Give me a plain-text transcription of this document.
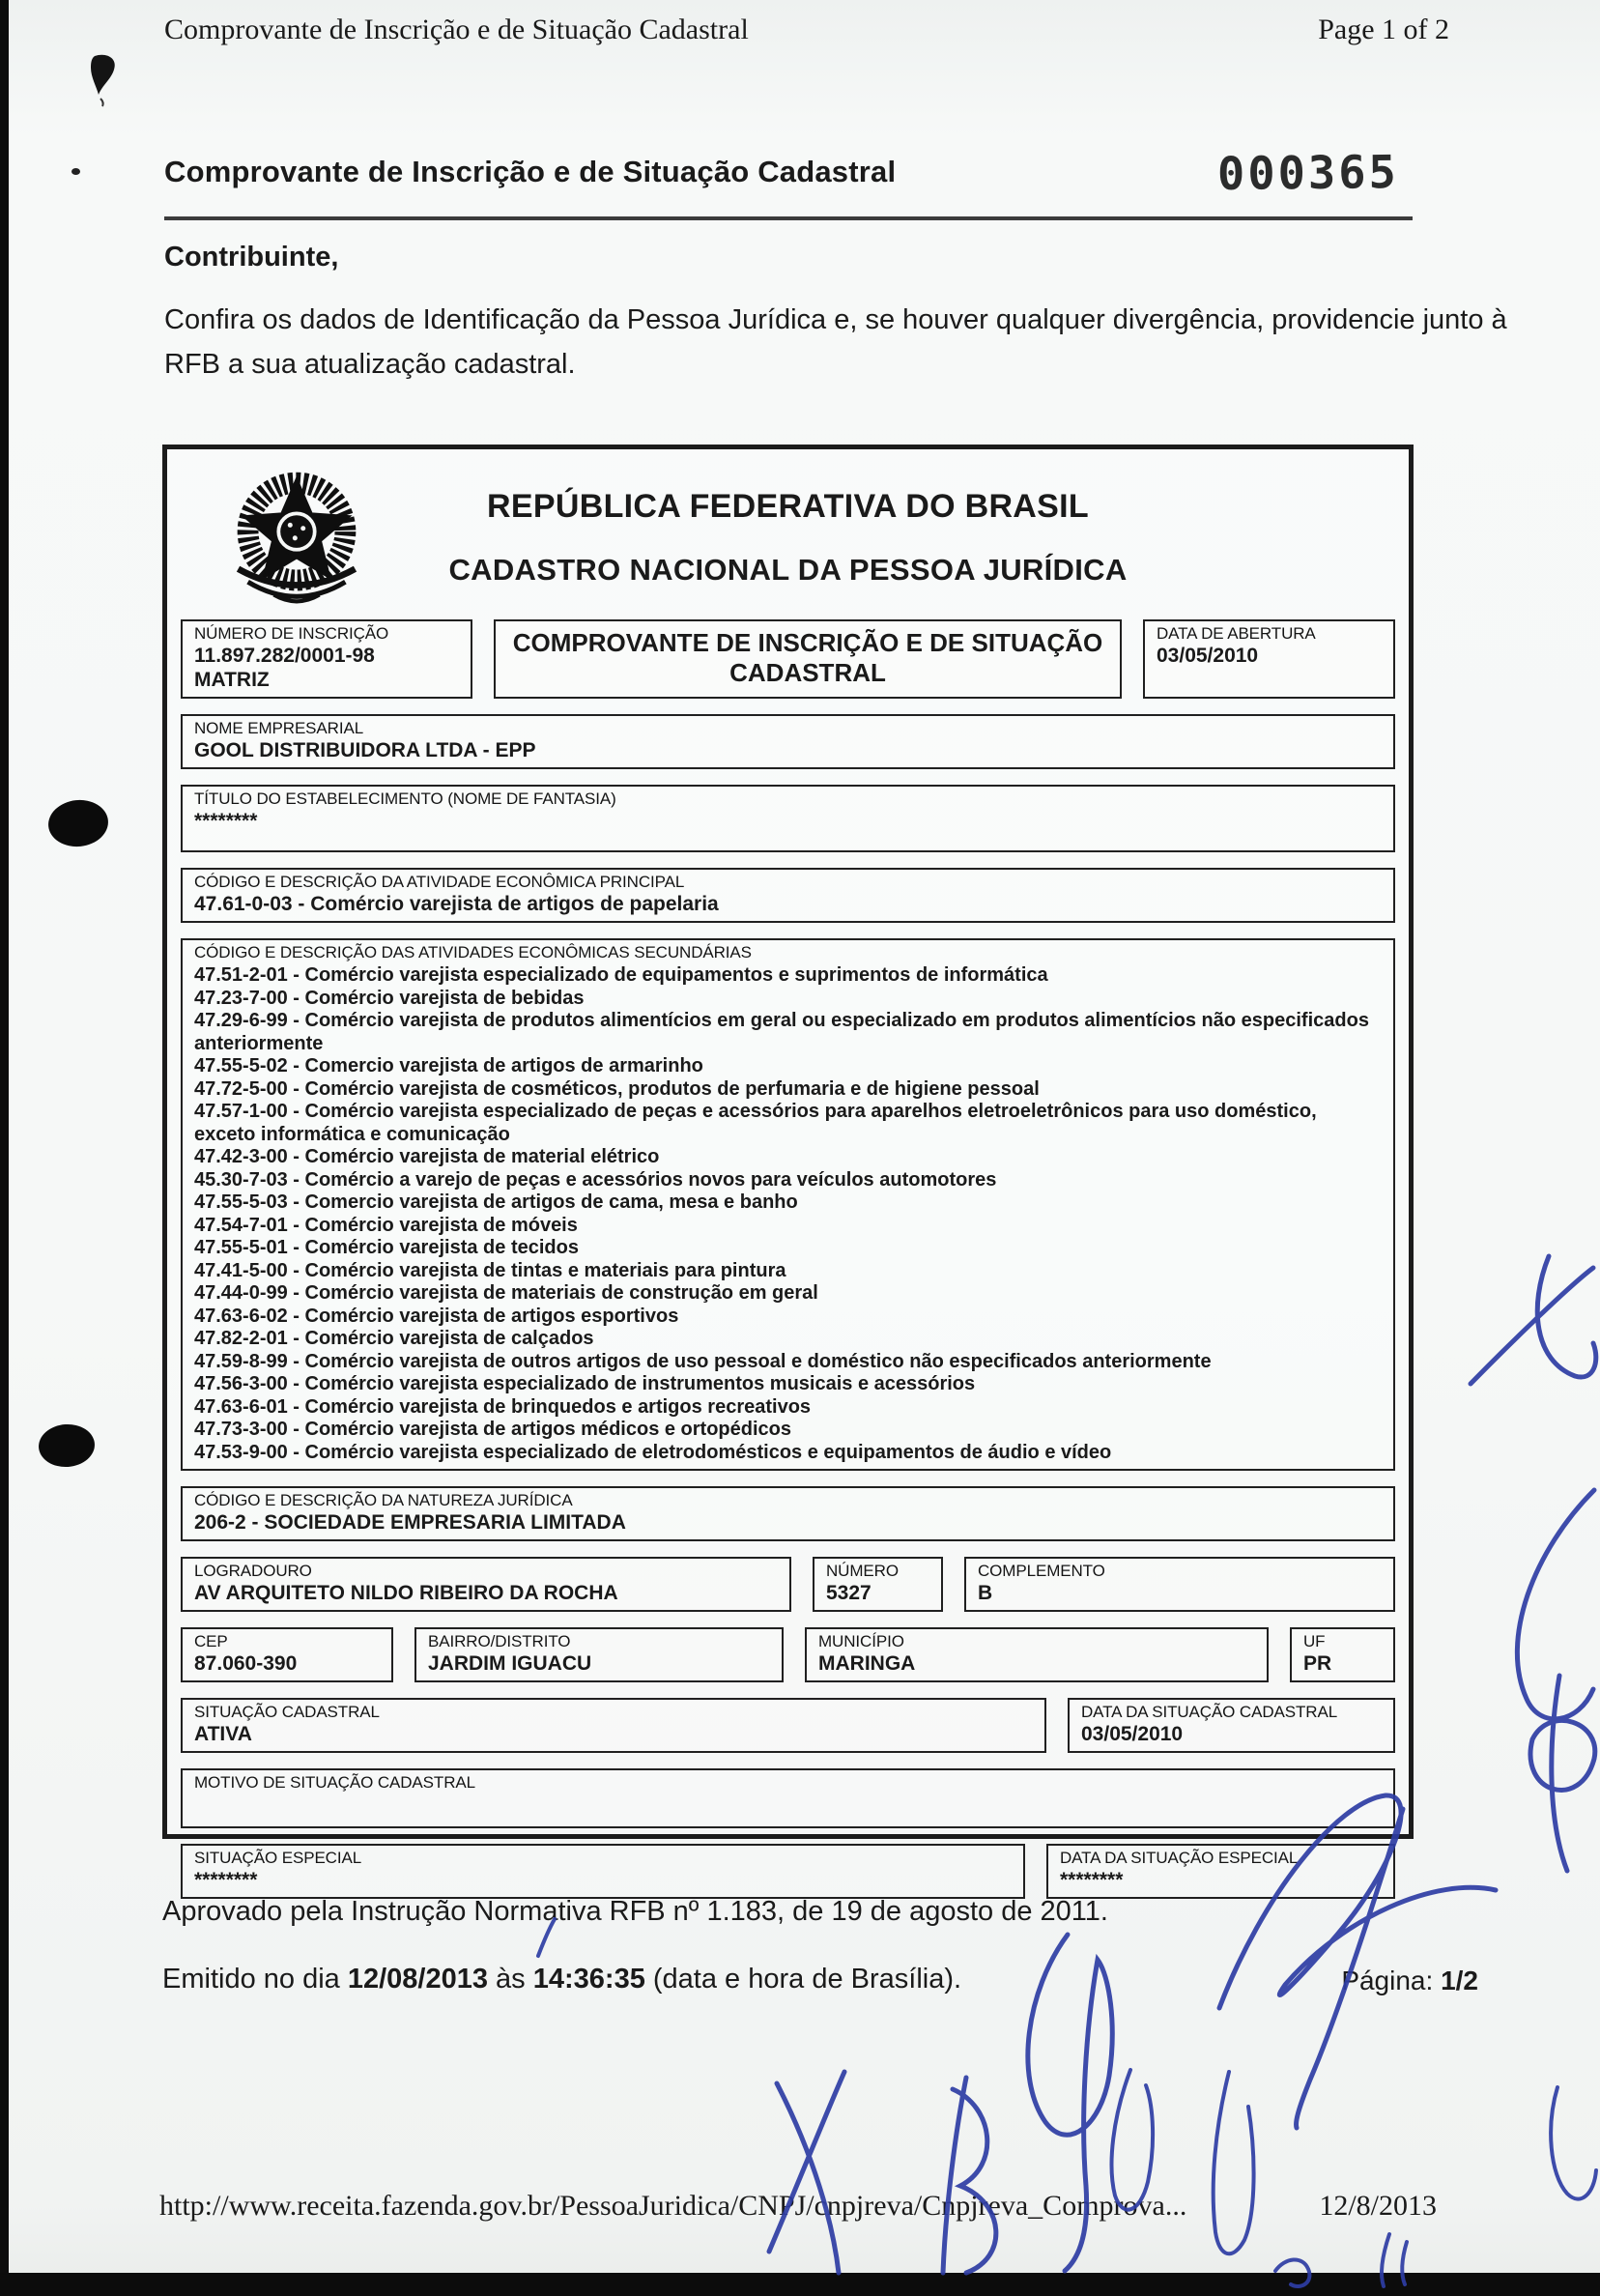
Comprovante de Inscrição e de Situação Cadastral	Page 1 of 2
Comprovante de Inscrição e de Situação Cadastral	000365
Contribuinte,
Confira os dados de Identificação da Pessoa Jurídica e, se houver qualquer divergência, providencie junto à
RFB a sua atualização cadastral.
REPÚBLICA FEDERATIVA DO BRASIL
CADASTRO NACIONAL DA PESSOA JURÍDICA
NÚMERO DE INSCRIÇÃO
11.897.282/0001-98
MATRIZ
COMPROVANTE DE INSCRIÇÃO E DE SITUAÇÃO
CADASTRAL
DATA DE ABERTURA
03/05/2010
NOME EMPRESARIAL
GOOL DISTRIBUIDORA LTDA - EPP
TÍTULO DO ESTABELECIMENTO (NOME DE FANTASIA)
********
CÓDIGO E DESCRIÇÃO DA ATIVIDADE ECONÔMICA PRINCIPAL
47.61-0-03 - Comércio varejista de artigos de papelaria
CÓDIGO E DESCRIÇÃO DAS ATIVIDADES ECONÔMICAS SECUNDÁRIAS
47.51-2-01 - Comércio varejista especializado de equipamentos e suprimentos de informática
47.23-7-00 - Comércio varejista de bebidas
47.29-6-99 - Comércio varejista de produtos alimentícios em geral ou especializado em produtos alimentícios não especificados anteriormente
47.55-5-02 - Comercio varejista de artigos de armarinho
47.72-5-00 - Comércio varejista de cosméticos, produtos de perfumaria e de higiene pessoal
47.57-1-00 - Comércio varejista especializado de peças e acessórios para aparelhos eletroeletrônicos para uso doméstico, exceto informática e comunicação
47.42-3-00 - Comércio varejista de material elétrico
45.30-7-03 - Comércio a varejo de peças e acessórios novos para veículos automotores
47.55-5-03 - Comercio varejista de artigos de cama, mesa e banho
47.54-7-01 - Comércio varejista de móveis
47.55-5-01 - Comércio varejista de tecidos
47.41-5-00 - Comércio varejista de tintas e materiais para pintura
47.44-0-99 - Comércio varejista de materiais de construção em geral
47.63-6-02 - Comércio varejista de artigos esportivos
47.82-2-01 - Comércio varejista de calçados
47.59-8-99 - Comércio varejista de outros artigos de uso pessoal e doméstico não especificados anteriormente
47.56-3-00 - Comércio varejista especializado de instrumentos musicais e acessórios
47.63-6-01 - Comércio varejista de brinquedos e artigos recreativos
47.73-3-00 - Comércio varejista de artigos médicos e ortopédicos
47.53-9-00 - Comércio varejista especializado de eletrodomésticos e equipamentos de áudio e vídeo
CÓDIGO E DESCRIÇÃO DA NATUREZA JURÍDICA
206-2 - SOCIEDADE EMPRESARIA LIMITADA
LOGRADOURO
AV ARQUITETO NILDO RIBEIRO DA ROCHA
NÚMERO
5327
COMPLEMENTO
B
CEP
87.060-390
BAIRRO/DISTRITO
JARDIM IGUACU
MUNICÍPIO
MARINGA
UF
PR
SITUAÇÃO CADASTRAL
ATIVA
DATA DA SITUAÇÃO CADASTRAL
03/05/2010
MOTIVO DE SITUAÇÃO CADASTRAL
SITUAÇÃO ESPECIAL
********
DATA DA SITUAÇÃO ESPECIAL
********
Aprovado pela Instrução Normativa RFB nº 1.183, de 19 de agosto de 2011.
Emitido no dia 12/08/2013 às 14:36:35 (data e hora de Brasília).	Página: 1/2
http://www.receita.fazenda.gov.br/PessoaJuridica/CNPJ/cnpjreva/Cnpjreva_Comprova...	12/8/2013
